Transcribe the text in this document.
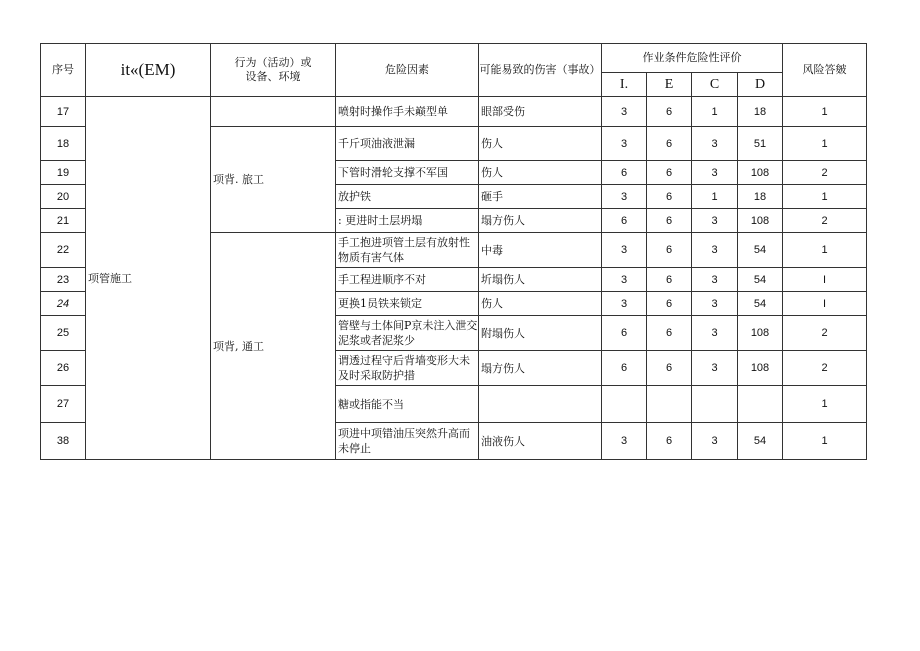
序号	it«(EM)	行为（活动）或设备、环境	危险因素	可能易致的伤害（事故）	作业条件危险性评价				风险答皴
					I.	E	C	D	
17	项管施工		喷射时操作手未巅型单	眼部受伤	3	6	1	18	1
18		项背. 旅工	千斤项油液泄漏	伤人	3	6	3	51	1
19			下管时滑轮支撑不军国	伤人	6	6	3	108	2
20			放护铁	砸手	3	6	1	18	1
21			: 更进时土层坍塌	塌方伤人	6	6	3	108	2
22		项背, 通工	手工抱进项管土层有放射性物质有害气体	中毒	3	6	3	54	1
23			手工程进顺序不对	圻塌伤人	3	6	3	54	I
24			更换1员铁来锁定	伤人	3	6	3	54	I
25			管壁与土体间P京未注入泄交泥浆或者泥浆少	附塌伤人	6	6	3	108	2
26			谓透过程守后背墙变形大未及时采取防护措	塌方伤人	6	6	3	108	2
27			糖或指能不当						1
38			项进中项错油压突然升高而未停止	油液伤人	3	6	3	54	1
